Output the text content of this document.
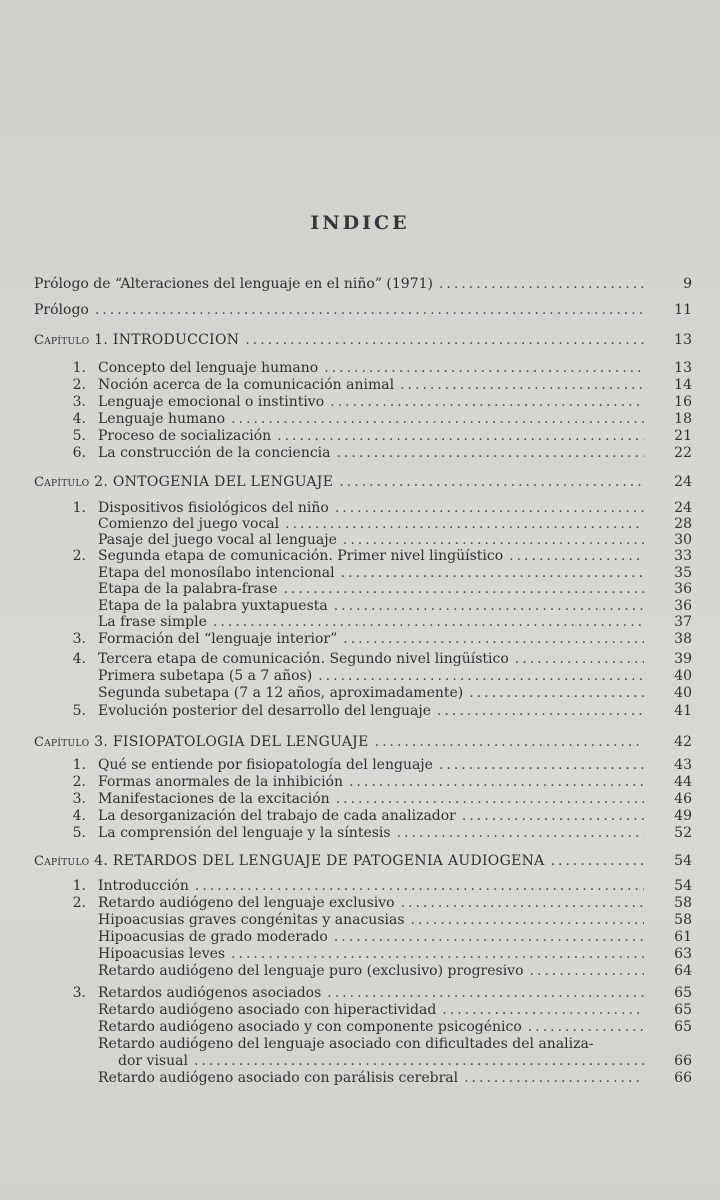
INDICE
Prólogo de “Alteraciones del lenguaje en el niño” (1971) .....	9
Prólogo .....	11
Capítulo 1. INTRODUCCION .....	13
1. Concepto del lenguaje humano .....	13
2. Noción acerca de la comunicación animal .....	14
3. Lenguaje emocional o instintivo .....	16
4. Lenguaje humano .....	18
5. Proceso de socialización .....	21
6. La construcción de la conciencia .....	22
Capítulo 2. ONTOGENIA DEL LENGUAJE .....	24
1. Dispositivos fisiológicos del niño .....	24
Comienzo del juego vocal .....	28
Pasaje del juego vocal al lenguaje .....	30
2. Segunda etapa de comunicación. Primer nivel lingüístico .....	33
Etapa del monosílabo intencional .....	35
Etapa de la palabra-frase .....	36
Etapa de la palabra yuxtapuesta .....	36
La frase simple .....	37
3. Formación del “lenguaje interior” .....	38
4. Tercera etapa de comunicación. Segundo nivel lingüístico .....	39
Primera subetapa (5 a 7 años) .....	40
Segunda subetapa (7 a 12 años, aproximadamente) .....	40
5. Evolución posterior del desarrollo del lenguaje .....	41
Capítulo 3. FISIOPATOLOGIA DEL LENGUAJE .....	42
1. Qué se entiende por fisiopatología del lenguaje .....	43
2. Formas anormales de la inhibición .....	44
3. Manifestaciones de la excitación .....	46
4. La desorganización del trabajo de cada analizador .....	49
5. La comprensión del lenguaje y la síntesis .....	52
Capítulo 4. RETARDOS DEL LENGUAJE DE PATOGENIA AUDIOGENA .....	54
1. Introducción .....	54
2. Retardo audiógeno del lenguaje exclusivo .....	58
Hipoacusias graves congénitas y anacusias .....	58
Hipoacusias de grado moderado .....	61
Hipoacusias leves .....	63
Retardo audiógeno del lenguaje puro (exclusivo) progresivo .....	64
3. Retardos audiógenos asociados .....	65
Retardo audiógeno asociado con hiperactividad .....	65
Retardo audiógeno asociado y con componente psicogénico .....	65
Retardo audiógeno del lenguaje asociado con dificultades del analiza-
dor visual .....	66
Retardo audiógeno asociado con parálisis cerebral .....	66
